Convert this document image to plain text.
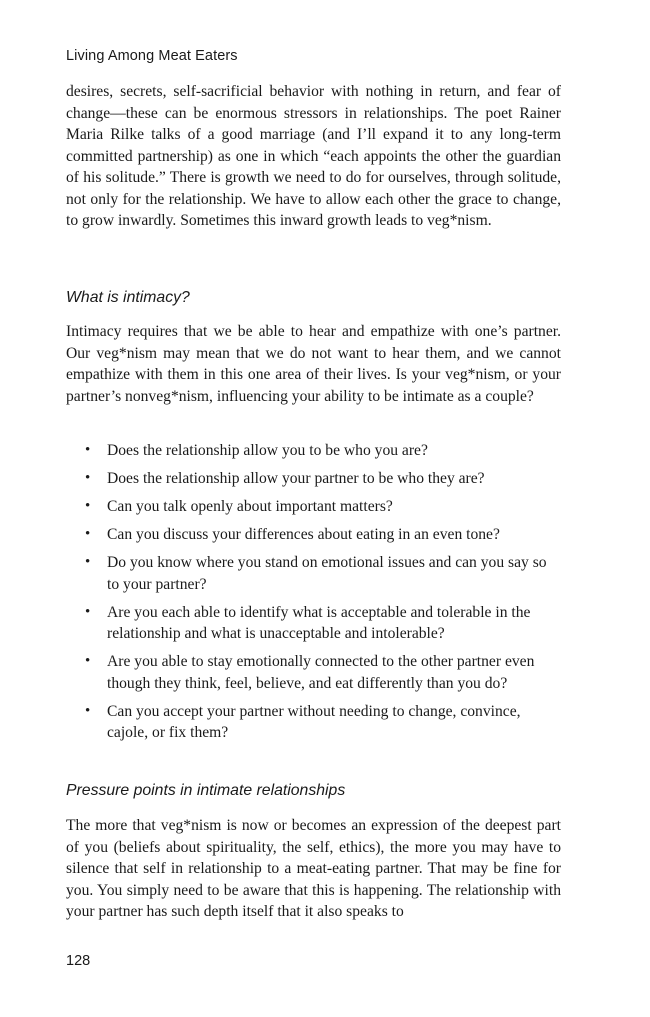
Living Among Meat Eaters

desires, secrets, self-sacrificial behavior with nothing in return, and fear of change—these can be enormous stressors in relationships. The poet Rainer Maria Rilke talks of a good marriage (and I’ll expand it to any long-term committed partnership) as one in which “each appoints the other the guardian of his solitude.” There is growth we need to do for ourselves, through solitude, not only for the relationship. We have to allow each other the grace to change, to grow inwardly. Sometimes this inward growth leads to veg*nism.

What is intimacy?

Intimacy requires that we be able to hear and empathize with one’s partner. Our veg*nism may mean that we do not want to hear them, and we cannot empathize with them in this one area of their lives. Is your veg*nism, or your partner’s nonveg*nism, influencing your ability to be intimate as a couple?

• Does the relationship allow you to be who you are?
• Does the relationship allow your partner to be who they are?
• Can you talk openly about important matters?
• Can you discuss your differences about eating in an even tone?
• Do you know where you stand on emotional issues and can you say so to your partner?
• Are you each able to identify what is acceptable and tolerable in the relationship and what is unacceptable and intolerable?
• Are you able to stay emotionally connected to the other partner even though they think, feel, believe, and eat differently than you do?
• Can you accept your partner without needing to change, convince, cajole, or fix them?
Pressure points in intimate relationships

The more that veg*nism is now or becomes an expression of the deepest part of you (beliefs about spirituality, the self, ethics), the more you may have to silence that self in relationship to a meat-eating partner. That may be fine for you. You simply need to be aware that this is happening. The relationship with your partner has such depth itself that it also speaks to

128
